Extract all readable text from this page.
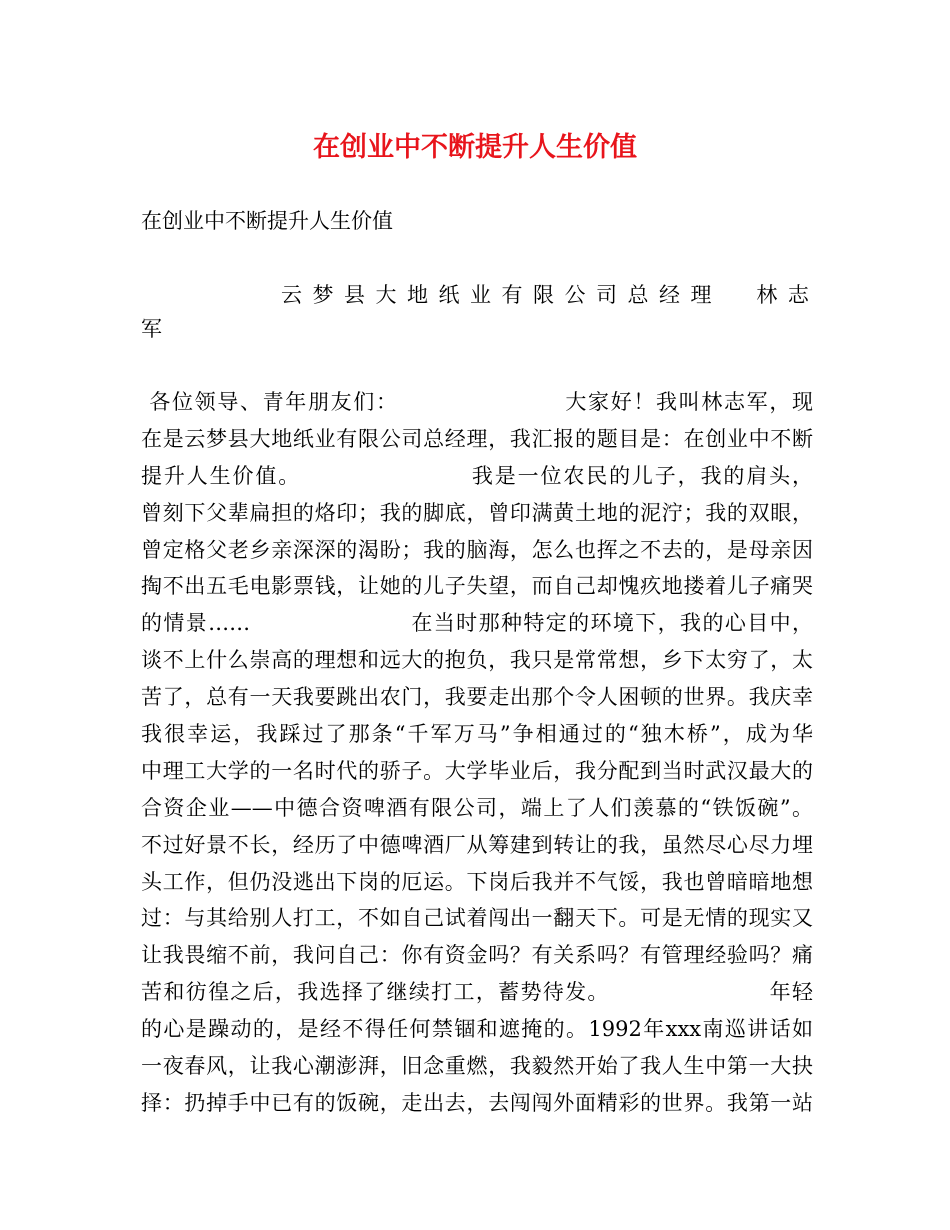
在创业中不断提升人生价值

在创业中不断提升人生价值

云梦县大地纸业有限公司总经理  林志
军

各位领导、青年朋友们：                    大家好！我叫林志军，现
在是云梦县大地纸业有限公司总经理，我汇报的题目是：在创业中不断
提升人生价值。                    我是一位农民的儿子，我的肩头，
曾刻下父辈扁担的烙印；我的脚底，曾印满黄土地的泥泞；我的双眼，
曾定格父老乡亲深深的渴盼；我的脑海，怎么也挥之不去的，是母亲因
掏不出五毛电影票钱，让她的儿子失望，而自己却愧疚地搂着儿子痛哭
的情景……                    在当时那种特定的环境下，我的心目中，
谈不上什么崇高的理想和远大的抱负，我只是常常想，乡下太穷了，太
苦了，总有一天我要跳出农门，我要走出那个令人困顿的世界。我庆幸
我很幸运，我踩过了那条“千军万马”争相通过的“独木桥”，成为华
中理工大学的一名时代的骄子。大学毕业后，我分配到当时武汉最大的
合资企业——中德合资啤酒有限公司，端上了人们羡慕的“铁饭碗”。
不过好景不长，经历了中德啤酒厂从筹建到转让的我，虽然尽心尽力埋
头工作，但仍没逃出下岗的厄运。下岗后我并不气馁，我也曾暗暗地想
过：与其给别人打工，不如自己试着闯出一翻天下。可是无情的现实又
让我畏缩不前，我问自己：你有资金吗？有关系吗？有管理经验吗？痛
苦和彷徨之后，我选择了继续打工，蓄势待发。                    年轻
的心是躁动的，是经不得任何禁锢和遮掩的。1992年xxx南巡讲话如
一夜春风，让我心潮澎湃，旧念重燃，我毅然开始了我人生中第一大抉
择：扔掉手中已有的饭碗，走出去，去闯闯外面精彩的世界。我第一站
